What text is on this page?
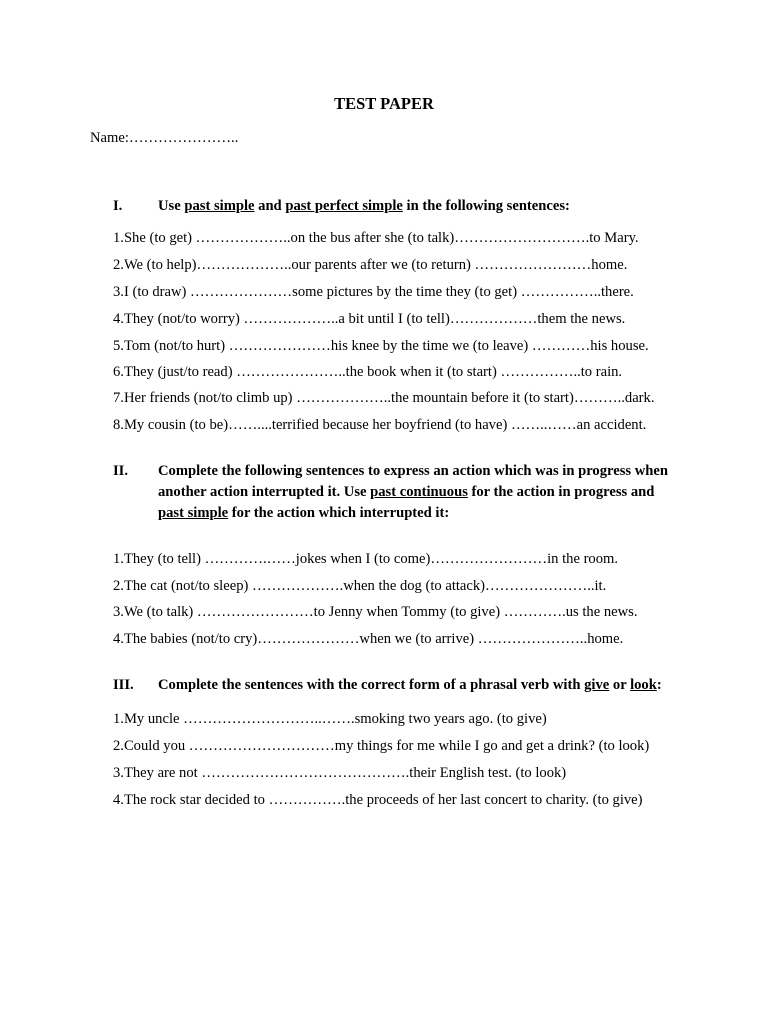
TEST PAPER
Name:…………………..
I. Use past simple and past perfect simple in the following sentences:
1.She (to get) ………………..on the bus after she (to talk)……………………….to Mary.
2.We (to help)………………..our parents after we (to return) ……………………home.
3.I (to draw) …………………some pictures by the time they (to get) ……………..there.
4.They (not/to worry) ………………..a bit until I (to tell)………………them the news.
5.Tom (not/to hurt) …………………his knee by the time we (to leave) …………his house.
6.They (just/to read) …………………..the book when it (to start) ……………..to rain.
7.Her friends (not/to climb up) ………………..the mountain before it (to start)………..dark.
8.My cousin (to be)……....terrified because her boyfriend (to have) ……..……an accident.
II. Complete the following sentences to express an action which was in progress when another action interrupted it. Use past continuous for the action in progress and past simple for the action which interrupted it:
1.They (to tell) ………….……jokes when I (to come)……………………in the room.
2.The cat (not/to sleep) ……………….when the dog (to attack)…………………..it.
3.We (to talk) ……………………to Jenny when Tommy (to give) ………….us the news.
4.The babies (not/to cry)…………………when we (to arrive) …………………..home.
III. Complete the sentences with the correct form of a phrasal verb with give or look:
1.My uncle ………………………..…….smoking two years ago. (to give)
2.Could you …………………………my things for me while I go and get a drink? (to look)
3.They are not …………………………………….their English test. (to look)
4.The rock star decided to …………….the proceeds of her last concert to charity. (to give)
